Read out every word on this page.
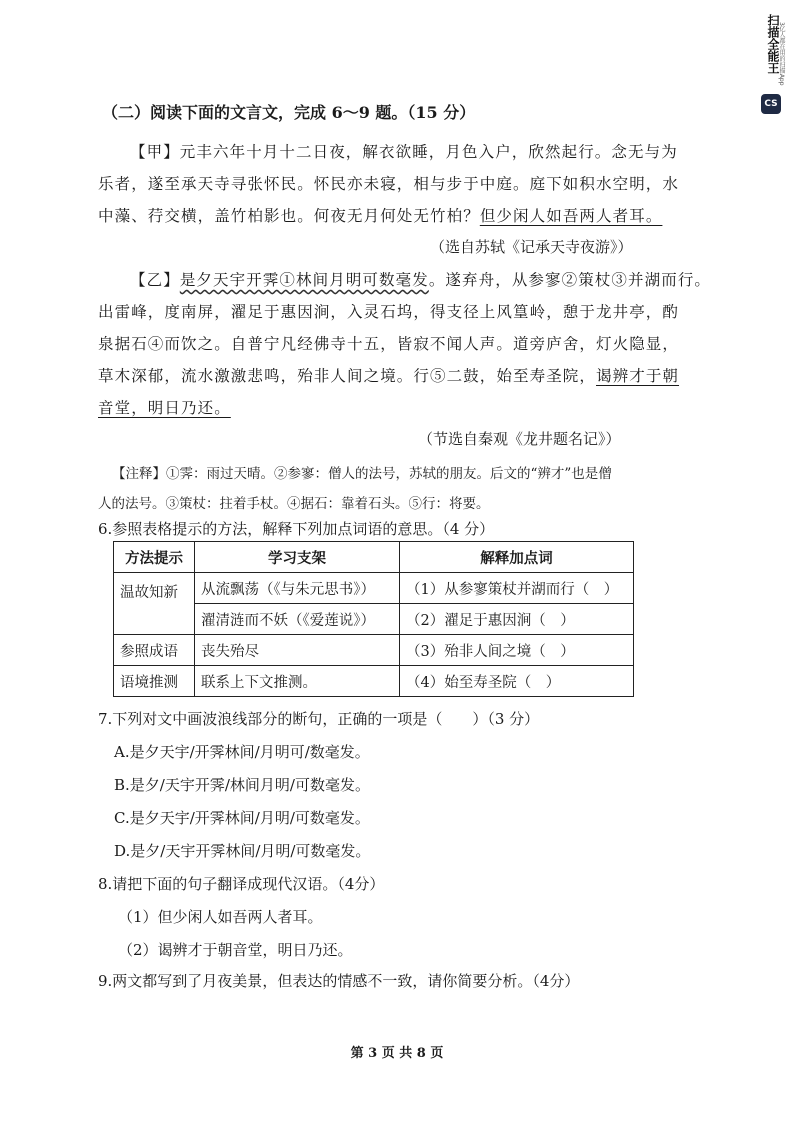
扫描全能王
3亿人都在用的扫描App
CS
（二）阅读下面的文言文，完成 6～9 题。（15 分）
【甲】元丰六年十月十二日夜，解衣欲睡，月色入户，欣然起行。念无与为
乐者，遂至承天寺寻张怀民。怀民亦未寝，相与步于中庭。庭下如积水空明，水
中藻、荇交横，盖竹柏影也。何夜无月何处无竹柏？但少闲人如吾两人者耳。
（选自苏轼《记承天寺夜游》）
【乙】是夕天宇开霁①林间月明可数毫发。遂弃舟，从参寥②策杖③并湖而行。
出雷峰，度南屏，濯足于惠因涧，入灵石坞，得支径上风篁岭，憩于龙井亭，酌
泉据石④而饮之。自普宁凡经佛寺十五，皆寂不闻人声。道旁庐舍，灯火隐显，
草木深郁，流水激激悲鸣，殆非人间之境。行⑤二鼓，始至寿圣院，谒辨才于朝
音堂，明日乃还。
（节选自秦观《龙井题名记》）
【注释】①霁：雨过天晴。②参寥：僧人的法号，苏轼的朋友。后文的“辨才”也是僧
人的法号。③策杖：拄着手杖。④据石：靠着石头。⑤行：将要。
6.参照表格提示的方法，解释下列加点词语的意思。（4 分）
方法提示	学习支架	解释加点词
温故知新	从流飘荡（《与朱元思书》）	（1）从参寥策杖并湖而行（　）
	濯清涟而不妖（《爱莲说》）	（2）濯足于惠因涧（　）
参照成语	丧失殆尽	（3）殆非人间之境（　）
语境推测	联系上下文推测。	（4）始至寿圣院（　）
7.下列对文中画波浪线部分的断句，正确的一项是（　　）（3 分）
A.是夕天宇/开霁林间/月明可/数毫发。
B.是夕/天宇开霁/林间月明/可数毫发。
C.是夕天宇/开霁林间/月明/可数毫发。
D.是夕/天宇开霁林间/月明/可数毫发。
8.请把下面的句子翻译成现代汉语。（4分）
（1）但少闲人如吾两人者耳。
（2）谒辨才于朝音堂，明日乃还。
9.两文都写到了月夜美景，但表达的情感不一致，请你简要分析。（4分）
第 3 页 共 8 页
